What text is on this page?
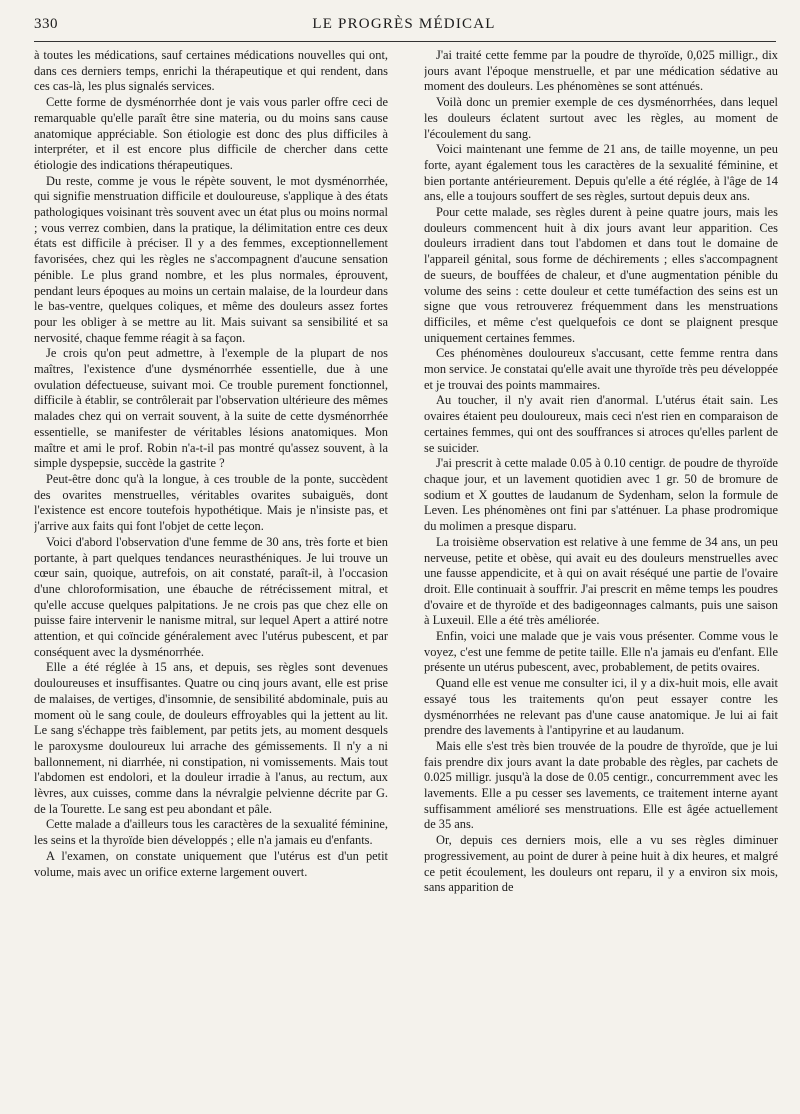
330	LE PROGRÈS MÉDICAL

à toutes les médications, sauf certaines médications nouvelles qui ont, dans ces derniers temps, enrichi la thérapeutique et qui rendent, dans ces cas-là, les plus signalés services.

Cette forme de dysménorrhée dont je vais vous parler offre ceci de remarquable qu'elle paraît être sine materia, ou du moins sans cause anatomique appréciable. Son étiologie est donc des plus difficiles à interpréter, et il est encore plus difficile de chercher dans cette étiologie des indications thérapeutiques.

Du reste, comme je vous le répète souvent, le mot dysménorrhée, qui signifie menstruation difficile et douloureuse, s'applique à des états pathologiques voisinant très souvent avec un état plus ou moins normal ; vous verrez combien, dans la pratique, la délimitation entre ces deux états est difficile à préciser. Il y a des femmes, exceptionnellement favorisées, chez qui les règles ne s'accompagnent d'aucune sensation pénible. Le plus grand nombre, et les plus normales, éprouvent, pendant leurs époques au moins un certain malaise, de la lourdeur dans le bas-ventre, quelques coliques, et même des douleurs assez fortes pour les obliger à se mettre au lit. Mais suivant sa sensibilité et sa nervosité, chaque femme réagit à sa façon.

Je crois qu'on peut admettre, à l'exemple de la plupart de nos maîtres, l'existence d'une dysménorrhée essentielle, due à une ovulation défectueuse, suivant moi. Ce trouble purement fonctionnel, difficile à établir, se contrôlerait par l'observation ultérieure des mêmes malades chez qui on verrait souvent, à la suite de cette dysménorrhée essentielle, se manifester de véritables lésions anatomiques. Mon maître et ami le prof. Robin n'a-t-il pas montré qu'assez souvent, à la simple dyspepsie, succède la gastrite ?

Peut-être donc qu'à la longue, à ces trouble de la ponte, succèdent des ovarites menstruelles, véritables ovarites subaiguës, dont l'existence est encore toutefois hypothétique. Mais je n'insiste pas, et j'arrive aux faits qui font l'objet de cette leçon.

Voici d'abord l'observation d'une femme de 30 ans, très forte et bien portante, à part quelques tendances neurasthéniques. Je lui trouve un cœur sain, quoique, autrefois, on ait constaté, paraît-il, à l'occasion d'une chloroformisation, une ébauche de rétrécissement mitral, et qu'elle accuse quelques palpitations. Je ne crois pas que chez elle on puisse faire intervenir le nanisme mitral, sur lequel Apert a attiré notre attention, et qui coïncide généralement avec l'utérus pubescent, et par conséquent avec la dysménorrhée.

Elle a été réglée à 15 ans, et depuis, ses règles sont devenues douloureuses et insuffisantes. Quatre ou cinq jours avant, elle est prise de malaises, de vertiges, d'insomnie, de sensibilité abdominale, puis au moment où le sang coule, de douleurs effroyables qui la jettent au lit. Le sang s'échappe très faiblement, par petits jets, au moment desquels le paroxysme douloureux lui arrache des gémissements. Il n'y a ni ballonnement, ni diarrhée, ni constipation, ni vomissements. Mais tout l'abdomen est endolori, et la douleur irradie à l'anus, au rectum, aux lèvres, aux cuisses, comme dans la névralgie pelvienne décrite par G. de la Tourette. Le sang est peu abondant et pâle.

Cette malade a d'ailleurs tous les caractères de la sexualité féminine, les seins et la thyroïde bien développés ; elle n'a jamais eu d'enfants.

A l'examen, on constate uniquement que l'utérus est d'un petit volume, mais avec un orifice externe largement ouvert.

J'ai traité cette femme par la poudre de thyroïde, 0,025 milligr., dix jours avant l'époque menstruelle, et par une médication sédative au moment des douleurs. Les phénomènes se sont atténués.

Voilà donc un premier exemple de ces dysménorrhées, dans lequel les douleurs éclatent surtout avec les règles, au moment de l'écoulement du sang.

Voici maintenant une femme de 21 ans, de taille moyenne, un peu forte, ayant également tous les caractères de la sexualité féminine, et bien portante antérieurement. Depuis qu'elle a été réglée, à l'âge de 14 ans, elle a toujours souffert de ses règles, surtout depuis deux ans.

Pour cette malade, ses règles durent à peine quatre jours, mais les douleurs commencent huit à dix jours avant leur apparition. Ces douleurs irradient dans tout l'abdomen et dans tout le domaine de l'appareil génital, sous forme de déchirements ; elles s'accompagnent de sueurs, de bouffées de chaleur, et d'une augmentation pénible du volume des seins : cette douleur et cette tuméfaction des seins est un signe que vous retrouverez fréquemment dans les menstruations difficiles, et même c'est quelquefois ce dont se plaignent presque uniquement certaines femmes.

Ces phénomènes douloureux s'accusant, cette femme rentra dans mon service. Je constatai qu'elle avait une thyroïde très peu développée et je trouvai des points mammaires.

Au toucher, il n'y avait rien d'anormal. L'utérus était sain. Les ovaires étaient peu douloureux, mais ceci n'est rien en comparaison de certaines femmes, qui ont des souffrances si atroces qu'elles parlent de se suicider.

J'ai prescrit à cette malade 0.05 à 0.10 centigr. de poudre de thyroïde chaque jour, et un lavement quotidien avec 1 gr. 50 de bromure de sodium et X gouttes de laudanum de Sydenham, selon la formule de Leven. Les phénomènes ont fini par s'atténuer. La phase prodromique du molimen a presque disparu.

La troisième observation est relative à une femme de 34 ans, un peu nerveuse, petite et obèse, qui avait eu des douleurs menstruelles avec une fausse appendicite, et à qui on avait réséqué une partie de l'ovaire droit. Elle continuait à souffrir. J'ai prescrit en même temps les poudres d'ovaire et de thyroïde et des badigeonnages calmants, puis une saison à Luxeuil. Elle a été très améliorée.

Enfin, voici une malade que je vais vous présenter. Comme vous le voyez, c'est une femme de petite taille. Elle n'a jamais eu d'enfant. Elle présente un utérus pubescent, avec, probablement, de petits ovaires.

Quand elle est venue me consulter ici, il y a dix-huit mois, elle avait essayé tous les traitements qu'on peut essayer contre les dysménorrhées ne relevant pas d'une cause anatomique. Je lui ai fait prendre des lavements à l'antipyrine et au laudanum.

Mais elle s'est très bien trouvée de la poudre de thyroïde, que je lui fais prendre dix jours avant la date probable des règles, par cachets de 0.025 milligr. jusqu'à la dose de 0.05 centigr., concurremment avec les lavements. Elle a pu cesser ses lavements, ce traitement interne ayant suffisamment amélioré ses menstruations. Elle est âgée actuellement de 35 ans.

Or, depuis ces derniers mois, elle a vu ses règles diminuer progressivement, au point de durer à peine huit à dix heures, et malgré ce petit écoulement, les douleurs ont reparu, il y a environ six mois, sans apparition de
